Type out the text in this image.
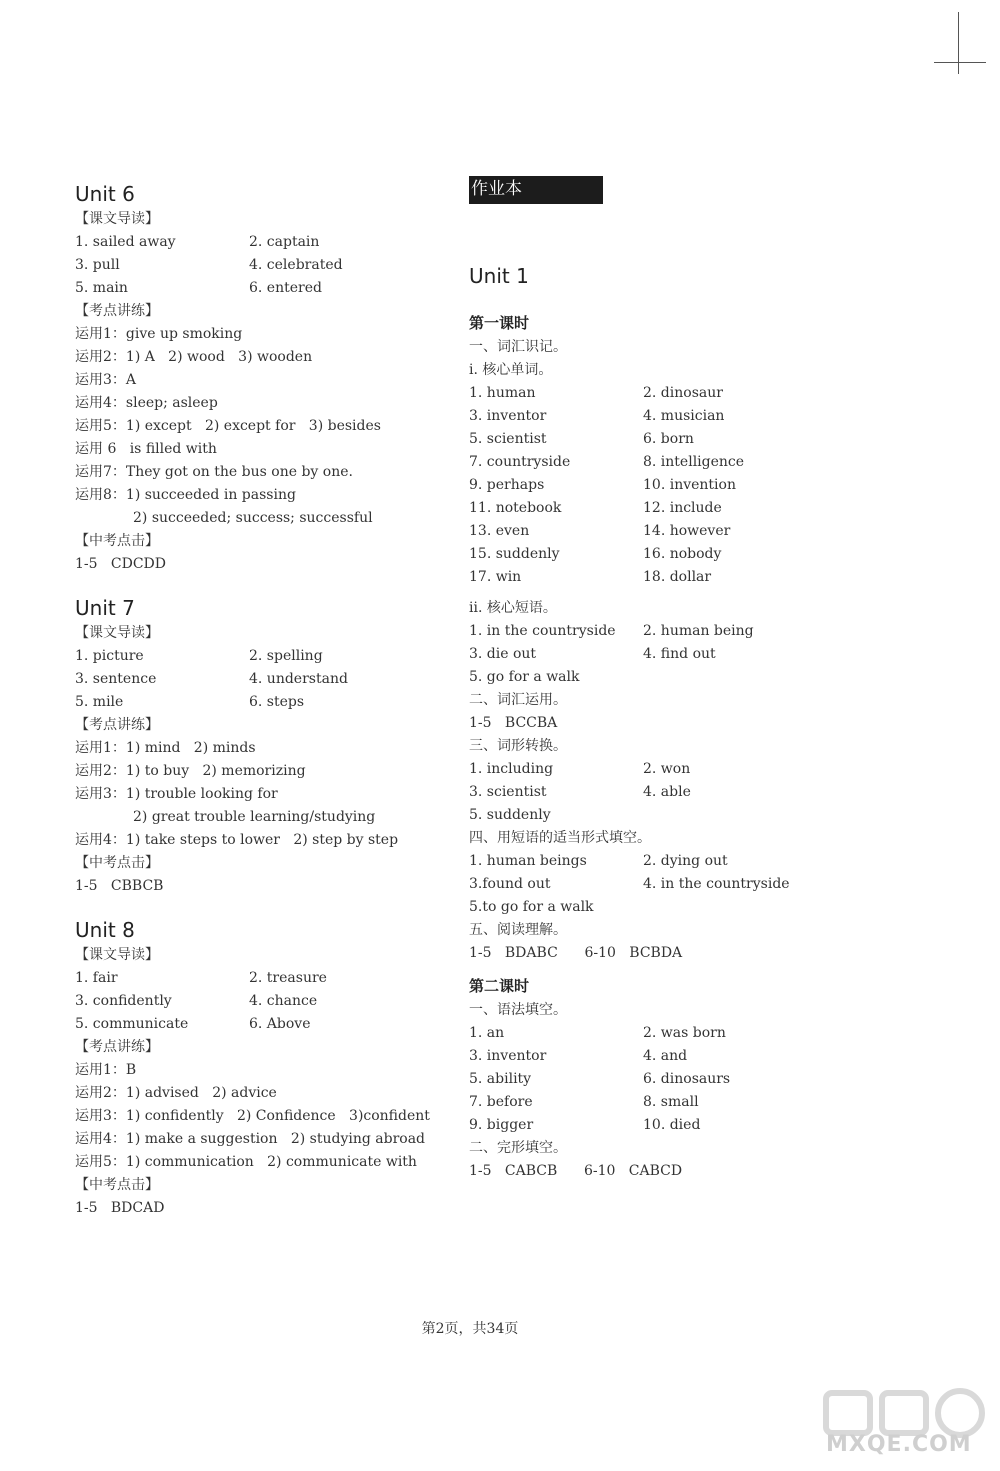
Unit 6
【课文导读】
1. sailed away	2. captain
3. pull	4. celebrated
5. main	6. entered
【考点讲练】
运用1：give up smoking
运用2：1) A   2) wood   3) wooden
运用3：A
运用4：sleep; asleep
运用5：1) except   2) except for   3) besides
运用 6   is filled with
运用7：They got on the bus one by one.
运用8：1) succeeded in passing
2) succeeded; success; successful
【中考点击】
1-5   CDCDD
Unit 7
【课文导读】
1. picture	2. spelling
3. sentence	4. understand
5. mile	6. steps
【考点讲练】
运用1：1) mind   2) minds
运用2：1) to buy   2) memorizing
运用3：1) trouble looking for
2) great trouble learning/studying
运用4：1) take steps to lower   2) step by step
【中考点击】
1-5   CBBCB
Unit 8
【课文导读】
1. fair	2. treasure
3. confidently	4. chance
5. communicate	6. Above
【考点讲练】
运用1：B
运用2：1) advised   2) advice
运用3：1) confidently   2) Confidence   3)confident
运用4：1) make a suggestion   2) studying abroad
运用5：1) communication   2) communicate with
【中考点击】
1-5   BDCAD
作业本
Unit 1
第一课时
一、词汇识记。
ⅰ. 核心单词。
1. human	2. dinosaur
3. inventor	4. musician
5. scientist	6. born
7. countryside	8. intelligence
9. perhaps	10. invention
11. notebook	12. include
13. even	14. however
15. suddenly	16. nobody
17. win	18. dollar
ⅱ. 核心短语。
1. in the countryside	2. human being
3. die out	4. find out
5. go for a walk
二、词汇运用。
1-5   BCCBA
三、词形转换。
1. including	2. won
3. scientist	4. able
5. suddenly
四、用短语的适当形式填空。
1. human beings	2. dying out
3.found out	4. in the countryside
5.to go for a walk
五、阅读理解。
1-5   BDABC      6-10   BCBDA
第二课时
一、语法填空。
1. an	2. was born
3. inventor	4. and
5. ability	6. dinosaurs
7. before	8. small
9. bigger	10. died
二、完形填空。
1-5   CABCB      6-10   CABCD
第2页，共34页
MXQE.COM
